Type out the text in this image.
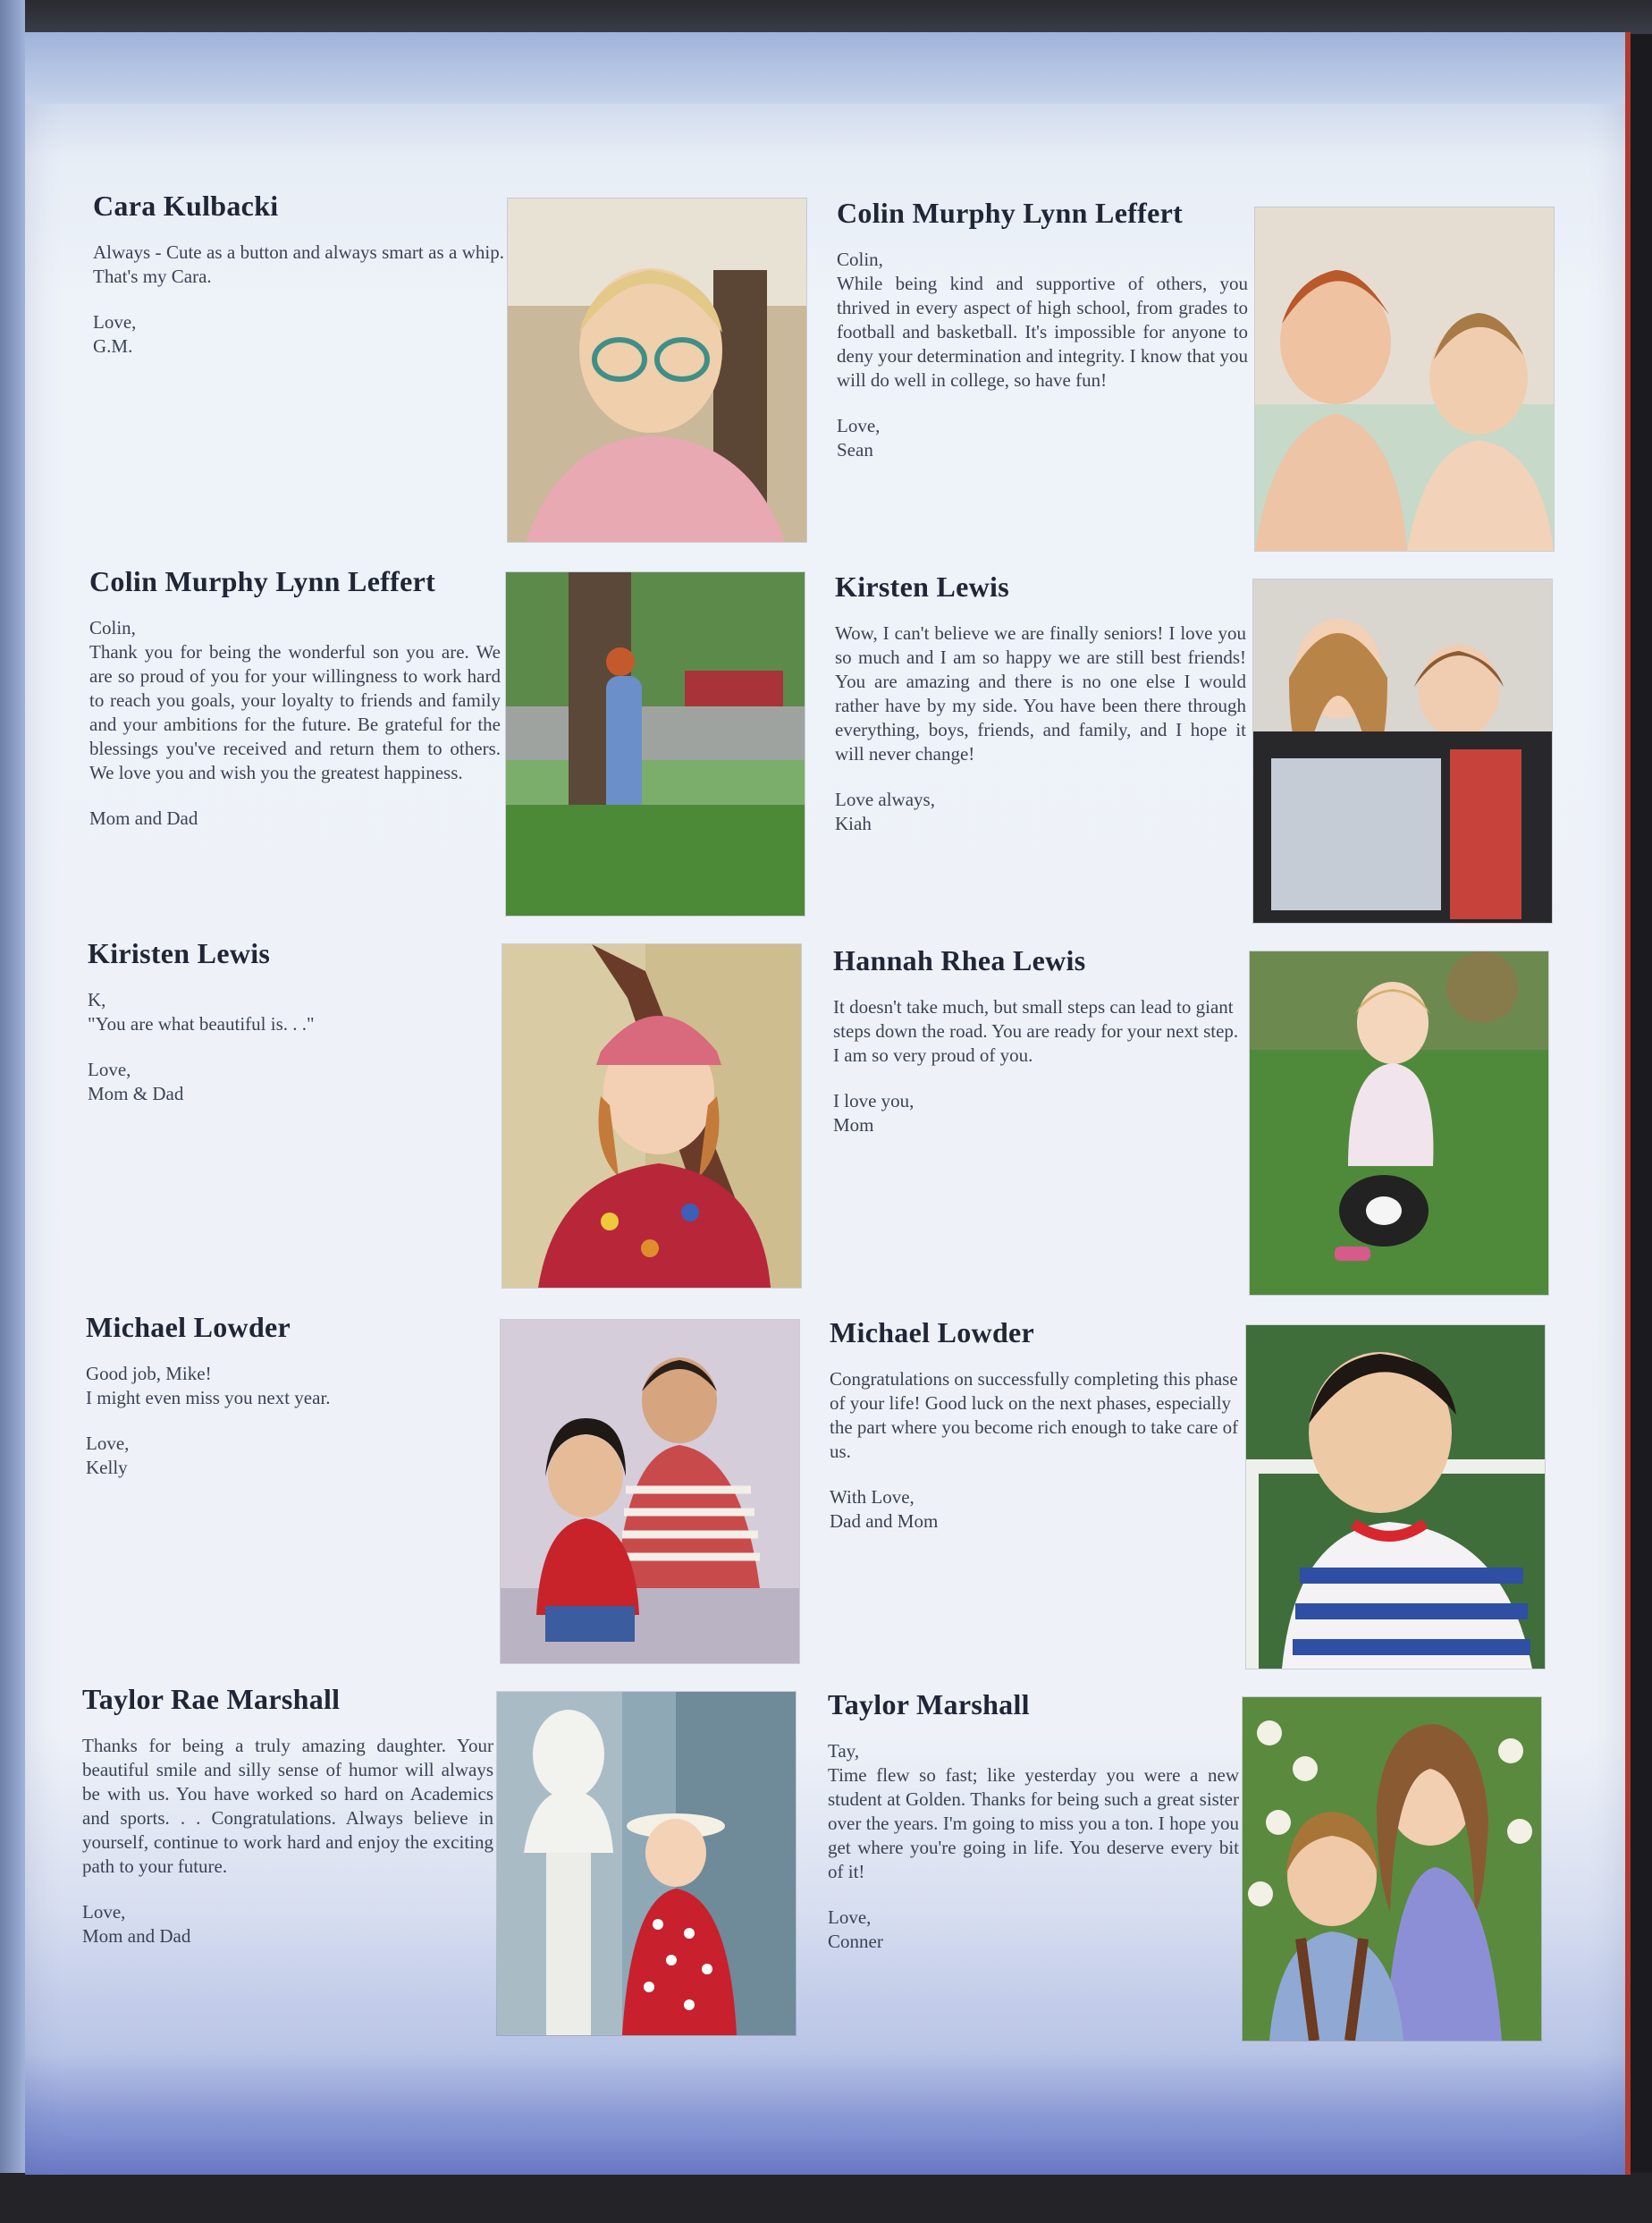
Cara Kulbacki

Always - Cute as a button and always smart as a whip. That's my Cara.

Love,
G.M.

Colin Murphy Lynn Leffert

Colin,
While being kind and supportive of others, you thrived in every aspect of high school, from grades to football and basketball. It's impossible for anyone to deny your determination and integrity. I know that you will do well in college, so have fun!

Love,
Sean

Colin Murphy Lynn Leffert

Colin,
Thank you for being the wonderful son you are. We are so proud of you for your willingness to work hard to reach you goals, your loyalty to friends and family and your ambitions for the future. Be grateful for the blessings you've received and return them to others. We love you and wish you the greatest happiness.

Mom and Dad

Kirsten Lewis

Wow, I can't believe we are finally seniors! I love you so much and I am so happy we are still best friends! You are amazing and there is no one else I would rather have by my side. You have been there through everything, boys, friends, and family, and I hope it will never change!

Love always,
Kiah

Kiristen Lewis

K,
"You are what beautiful is. . ."

Love,
Mom & Dad

Hannah Rhea Lewis

It doesn't take much, but small steps can lead to giant steps down the road. You are ready for your next step. I am so very proud of you.

I love you,
Mom

Michael Lowder

Good job, Mike!
I might even miss you next year.

Love,
Kelly

Michael Lowder

Congratulations on successfully completing this phase of your life! Good luck on the next phases, especially the part where you become rich enough to take care of us.

With Love,
Dad and Mom

Taylor Rae Marshall

Thanks for being a truly amazing daughter. Your beautiful smile and silly sense of humor will always be with us. You have worked so hard on Academics and sports. . . Congratulations. Always believe in yourself, continue to work hard and enjoy the exciting path to your future.

Love,
Mom and Dad

Taylor Marshall

Tay,
Time flew so fast; like yesterday you were a new student at Golden. Thanks for being such a great sister over the years. I'm going to miss you a ton. I hope you get where you're going in life. You deserve every bit of it!

Love,
Conner
